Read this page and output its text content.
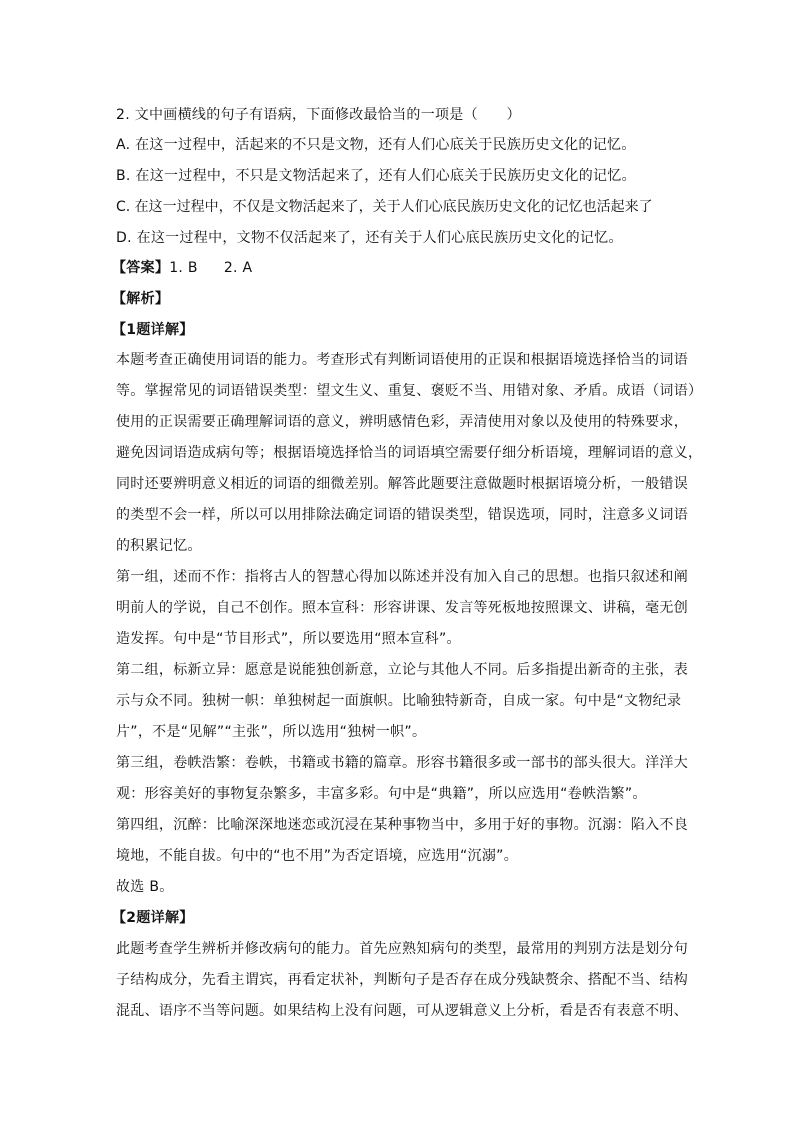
2. 文中画横线的句子有语病，下面修改最恰当的一项是（　　）
A. 在这一过程中，活起来的不只是文物，还有人们心底关于民族历史文化的记忆。
B. 在这一过程中，不只是文物活起来了，还有人们心底关于民族历史文化的记忆。
C. 在这一过程中，不仅是文物活起来了，关于人们心底民族历史文化的记忆也活起来了
D. 在这一过程中，文物不仅活起来了，还有关于人们心底民族历史文化的记忆。
【答案】1. B 2. A
【解析】
【1题详解】
本题考查正确使用词语的能力。考查形式有判断词语使用的正误和根据语境选择恰当的词语
等。掌握常见的词语错误类型：望文生义、重复、褒贬不当、用错对象、矛盾。成语（词语）
使用的正误需要正确理解词语的意义，辨明感情色彩，弄清使用对象以及使用的特殊要求，
避免因词语造成病句等；根据语境选择恰当的词语填空需要仔细分析语境，理解词语的意义，
同时还要辨明意义相近的词语的细微差别。解答此题要注意做题时根据语境分析，一般错误
的类型不会一样，所以可以用排除法确定词语的错误类型，错误选项，同时，注意多义词语
的积累记忆。
第一组，述而不作：指将古人的智慧心得加以陈述并没有加入自己的思想。也指只叙述和阐
明前人的学说，自己不创作。照本宣科：形容讲课、发言等死板地按照课文、讲稿，毫无创
造发挥。句中是“节目形式”，所以要选用“照本宣科”。
第二组，标新立异：愿意是说能独创新意，立论与其他人不同。后多指提出新奇的主张，表
示与众不同。独树一帜：单独树起一面旗帜。比喻独特新奇，自成一家。句中是“文物纪录
片”，不是“见解”“主张”，所以选用“独树一帜”。
第三组，卷帙浩繁：卷帙，书籍或书籍的篇章。形容书籍很多或一部书的部头很大。洋洋大
观：形容美好的事物复杂繁多，丰富多彩。句中是“典籍”，所以应选用“卷帙浩繁”。
第四组，沉醉：比喻深深地迷恋或沉浸在某种事物当中，多用于好的事物。沉溺：陷入不良
境地，不能自拔。句中的“也不用”为否定语境，应选用“沉溺”。
故选 B。
【2题详解】
此题考查学生辨析并修改病句的能力。首先应熟知病句的类型，最常用的判别方法是划分句
子结构成分，先看主谓宾，再看定状补，判断句子是否存在成分残缺赘余、搭配不当、结构
混乱、语序不当等问题。如果结构上没有问题，可从逻辑意义上分析，看是否有表意不明、
